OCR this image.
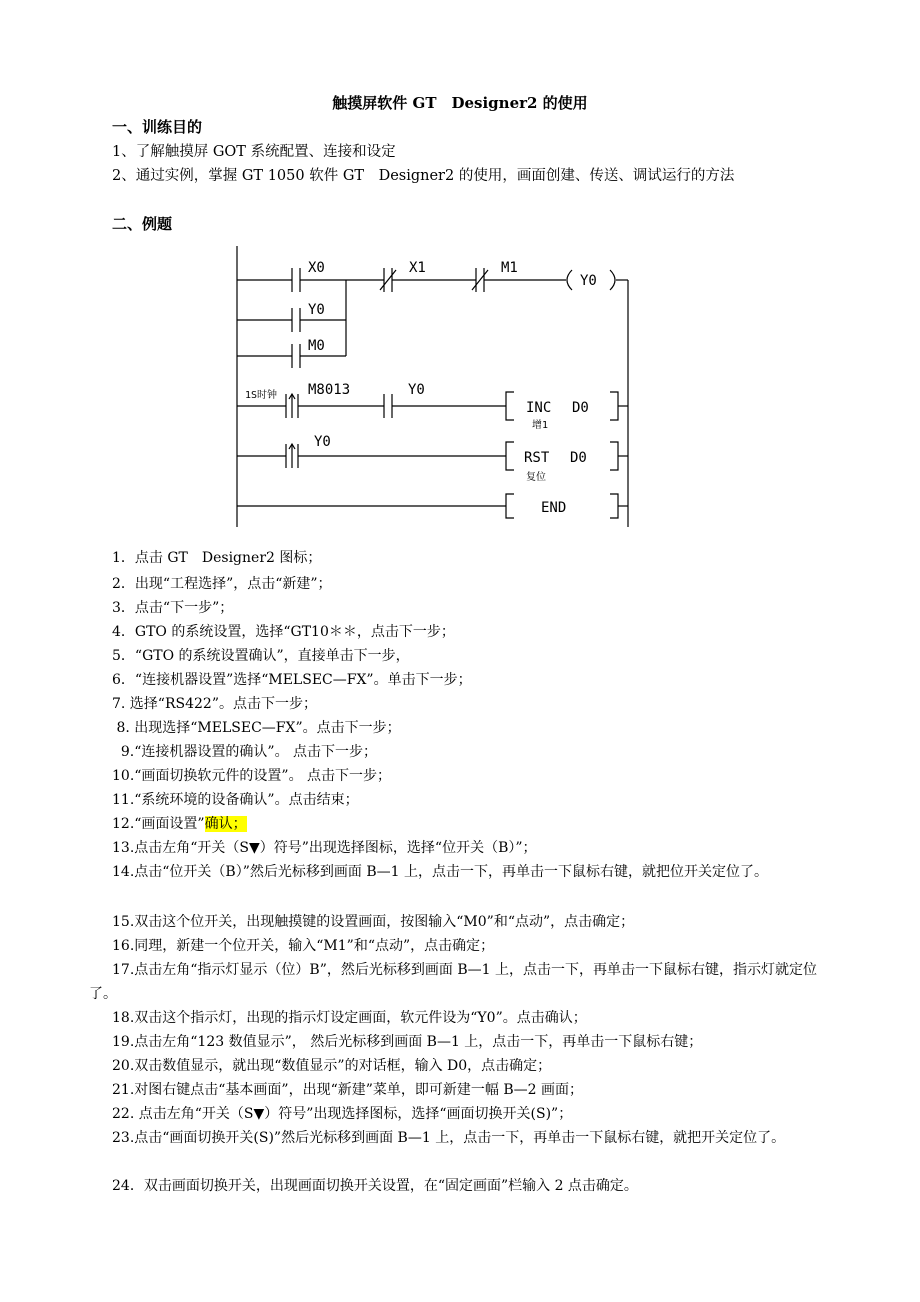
触摸屏软件 GT　Designer2 的使用
一、训练目的
1、了解触摸屏 GOT 系统配置、连接和设定
2、通过实例，掌握 GT 1050 软件 GT　Designer2 的使用，画面创建、传送、调试运行的方法
二、例题
X0	X1	M1
Y0
Y0
M0
M8013	Y0
Y0
INC D0
RST D0
END
1S时钟
增1
复位
1．点击 GT　Designer2 图标；
2．出现“工程选择”，点击“新建”；
3．点击“下一步”；
4．GTO 的系统设置，选择“GT10＊＊，点击下一步；
5．“GTO 的系统设置确认”，直接单击下一步，
6．“连接机器设置”选择“MELSEC—FX”。单击下一步；
7. 选择“RS422”。点击下一步；
8. 出现选择“MELSEC—FX”。点击下一步；
9.“连接机器设置的确认”。 点击下一步；
10.“画面切换软元件的设置”。 点击下一步；
11.“系统环境的设备确认”。点击结束；
12.“画面设置”确认；
13.点击左角“开关（S▼）符号”出现选择图标，选择“位开关（B）”；
14.点击“位开关（B）”然后光标移到画面 B—1 上，点击一下，再单击一下鼠标右键，就把位开关定位了。
15.双击这个位开关，出现触摸键的设置画面，按图输入“M0”和“点动”，点击确定；
16.同理，新建一个位开关，输入“M1”和“点动”，点击确定；
17.点击左角“指示灯显示（位）B”，然后光标移到画面 B—1 上，点击一下，再单击一下鼠标右键，指示灯就定位了。
18.双击这个指示灯，出现的指示灯设定画面，软元件设为“Y0”。点击确认；
19.点击左角“123 数值显示”， 然后光标移到画面 B—1 上，点击一下，再单击一下鼠标右键；
20.双击数值显示，就出现“数值显示”的对话框，输入 D0，点击确定；
21.对图右键点击“基本画面”，出现“新建”菜单，即可新建一幅 B—2 画面；
22. 点击左角“开关（S▼）符号”出现选择图标，选择“画面切换开关(S)”；
23.点击“画面切换开关(S)”然后光标移到画面 B—1 上，点击一下，再单击一下鼠标右键，就把开关定位了。
24．双击画面切换开关，出现画面切换开关设置，在“固定画面”栏输入 2 点击确定。
